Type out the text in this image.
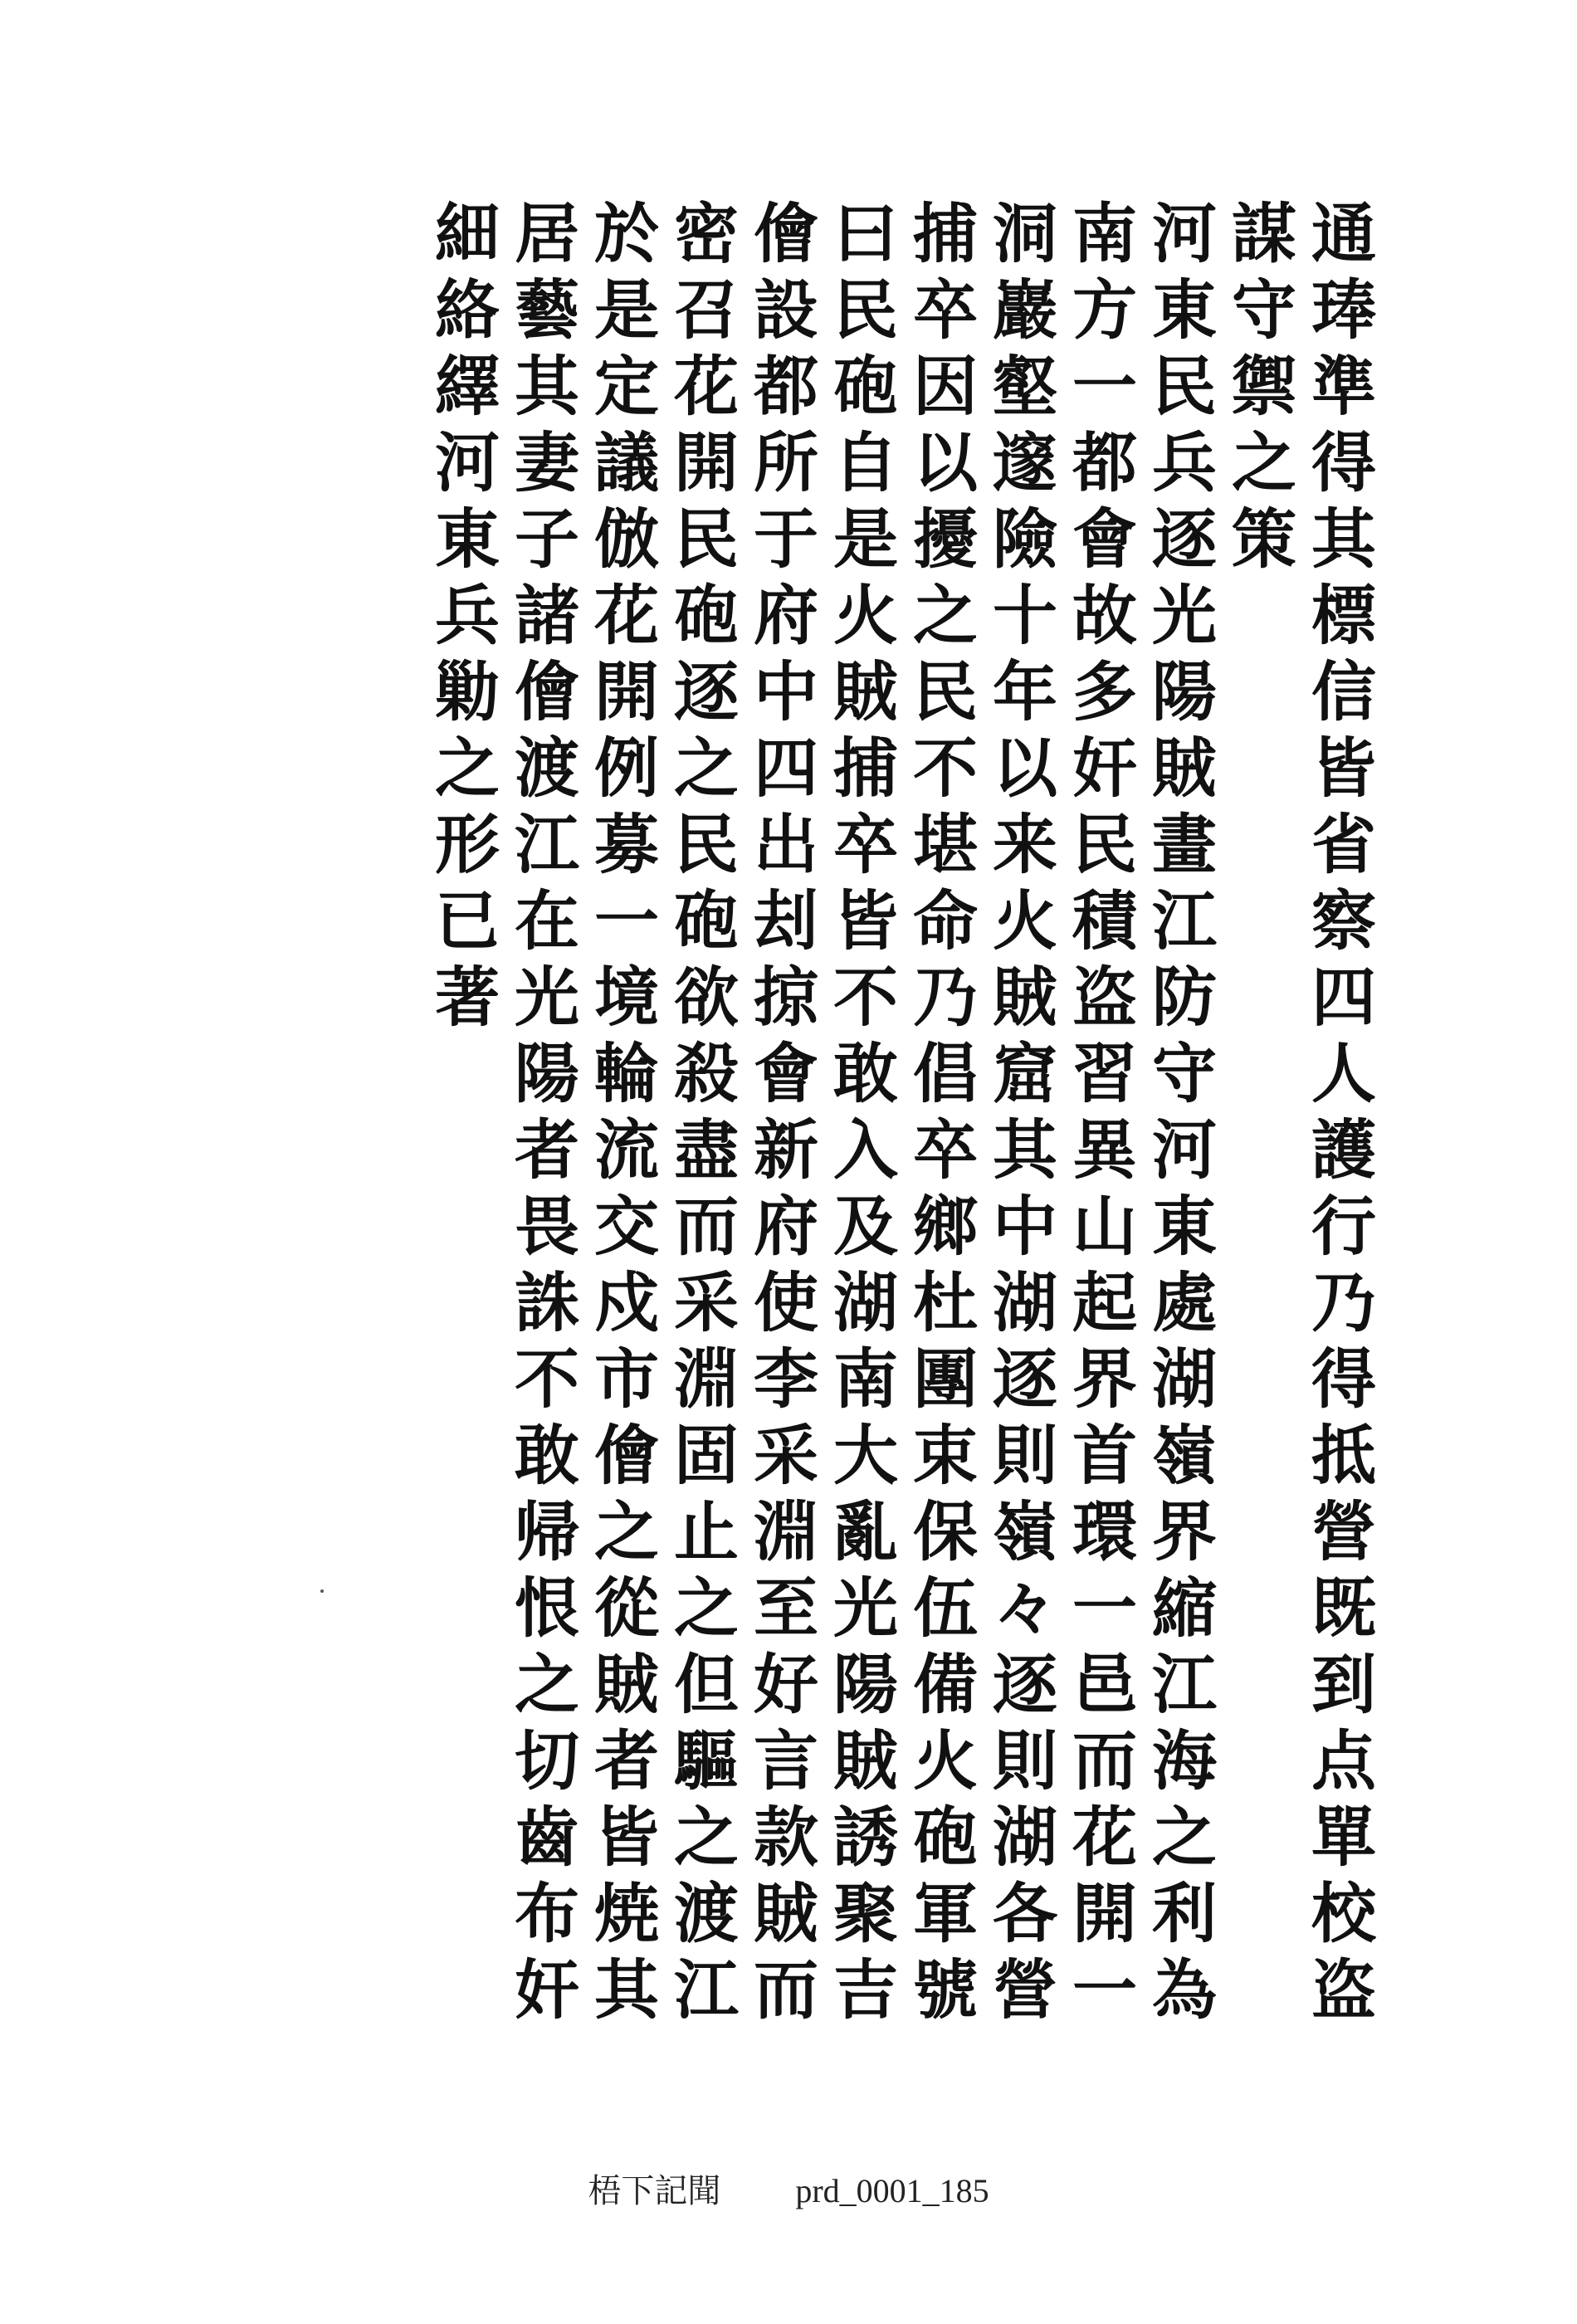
通琫準得其標信皆省察四人護行乃得抵營既到点單校盗
謀守禦之策
河東民兵逐光陽賊畫江防守河東處湖嶺界縮江海之利為
南方一都會故多奸民積盗習異山起界首環一邑而花開一
洞巖壑邃險十年以来火賊窟其中湖逐則嶺々逐則湖各營
捕卒因以擾之民不堪命乃倡卒鄉杜團束保伍備火砲軍號
曰民砲自是火賊捕卒皆不敢入及湖南大亂光陽賊誘聚吉
儈設都所于府中四出刦掠會新府使李采淵至好言款賊而
密召花開民砲逐之民砲欲殺盡而采淵固止之但驅之渡江
於是定議倣花開例募一境輪流交戍市儈之從賊者皆焼其
居藝其妻子諸儈渡江在光陽者畏誅不敢帰恨之切齒布奸
細絡繹河東兵勦之形已著
梧下記聞 prd_0001_185
